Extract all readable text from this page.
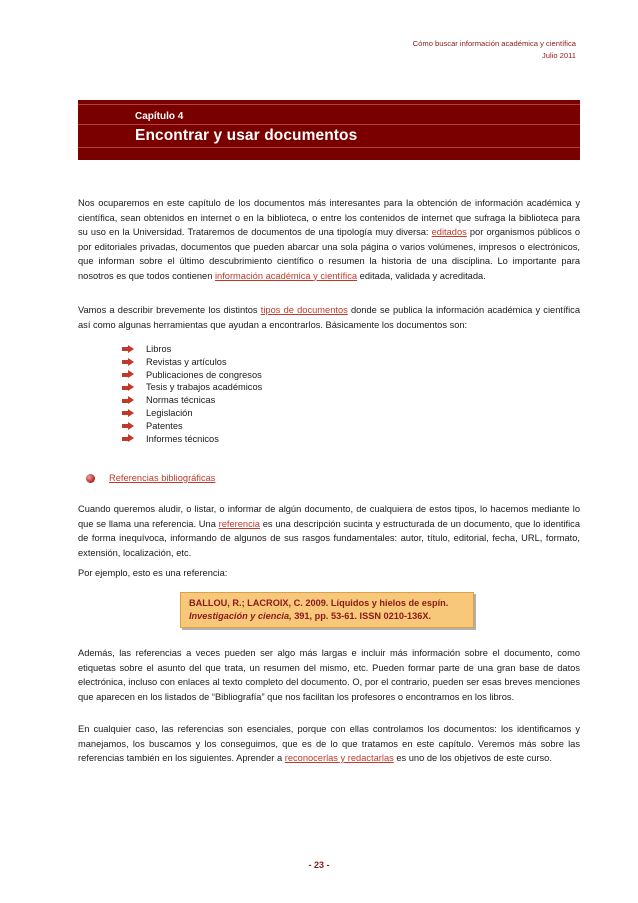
Cómo buscar información académica y científica
Julio 2011
Capítulo 4
Encontrar y usar documentos

Nos ocuparemos en este capítulo de los documentos más interesantes para la obtención de información académica y científica, sean obtenidos en internet o en la biblioteca, o entre los contenidos de internet que sufraga la biblioteca para su uso en la Universidad. Trataremos de documentos de una tipología muy diversa: editados por organismos públicos o por editoriales privadas, documentos que pueden abarcar una sola página o varios volúmenes, impresos o electrónicos, que informan sobre el último descubrimiento científico o resumen la historia de una disciplina. Lo importante para nosotros es que todos contienen información académica y científica editada, validada y acreditada.

Vamos a describir brevemente los distintos tipos de documentos donde se publica la información académica y científica así como algunas herramientas que ayudan a encontrarlos. Básicamente los documentos son:

Libros
Revistas y artículos
Publicaciones de congresos
Tesis y trabajos académicos
Normas técnicas
Legislación
Patentes
Informes técnicos
Referencias bibliográficas

Cuando queremos aludir, o listar, o informar de algún documento, de cualquiera de estos tipos, lo hacemos mediante lo que se llama una referencia. Una referencia es una descripción sucinta y estructurada de un documento, que lo identifica de forma inequívoca, informando de algunos de sus rasgos fundamentales: autor, título, editorial, fecha, URL, formato, extensión, localización, etc.

Por ejemplo, esto es una referencia:
BALLOU, R.; LACROIX, C. 2009. Líquidos y hielos de espín.
Investigación y ciencia, 391, pp. 53-61. ISSN 0210-136X.
Además, las referencias a veces pueden ser algo más largas e incluir más información sobre el documento, como etiquetas sobre el asunto del que trata, un resumen del mismo, etc. Pueden formar parte de una gran base de datos electrónica, incluso con enlaces al texto completo del documento. O, por el contrario, pueden ser esas breves menciones que aparecen en los listados de “Bibliografía” que nos facilitan los profesores o encontramos en los libros.

En cualquier caso, las referencias son esenciales, porque con ellas controlamos los documentos: los identificamos y manejamos, los buscamos y los conseguimos, que es de lo que tratamos en este capítulo. Veremos más sobre las referencias también en los siguientes. Aprender a reconocerlas y redactarlas es uno de los objetivos de este curso.

- 23 -
